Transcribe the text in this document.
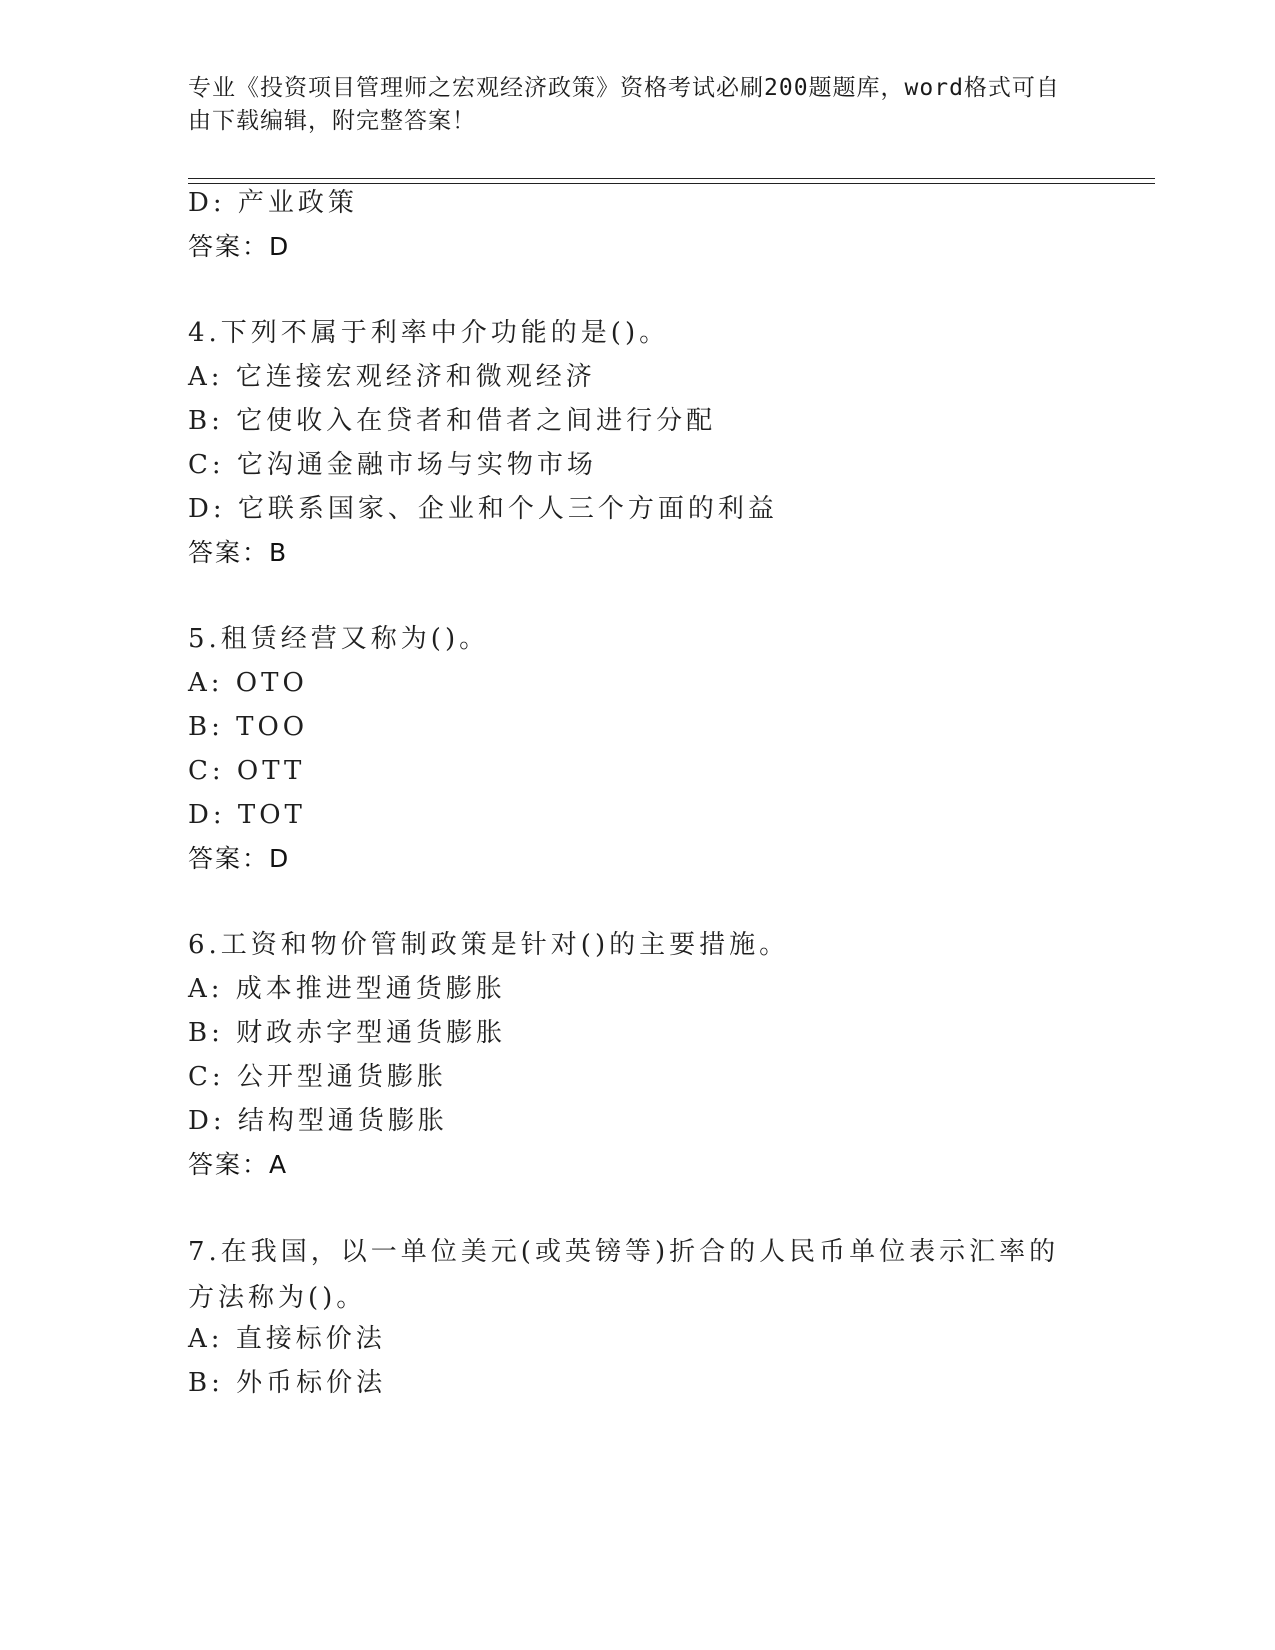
专业《投资项目管理师之宏观经济政策》资格考试必刷200题题库，word格式可自由下载编辑，附完整答案！
D: 产业政策
答案：D
4.下列不属于利率中介功能的是()。
A: 它连接宏观经济和微观经济
B: 它使收入在贷者和借者之间进行分配
C: 它沟通金融市场与实物市场
D: 它联系国家、企业和个人三个方面的利益
答案：B
5.租赁经营又称为()。
A: OTO
B: TOO
C: OTT
D: TOT
答案：D
6.工资和物价管制政策是针对()的主要措施。
A: 成本推进型通货膨胀
B: 财政赤字型通货膨胀
C: 公开型通货膨胀
D: 结构型通货膨胀
答案：A
7.在我国，以一单位美元(或英镑等)折合的人民币单位表示汇率的方法称为()。
A: 直接标价法
B: 外币标价法
